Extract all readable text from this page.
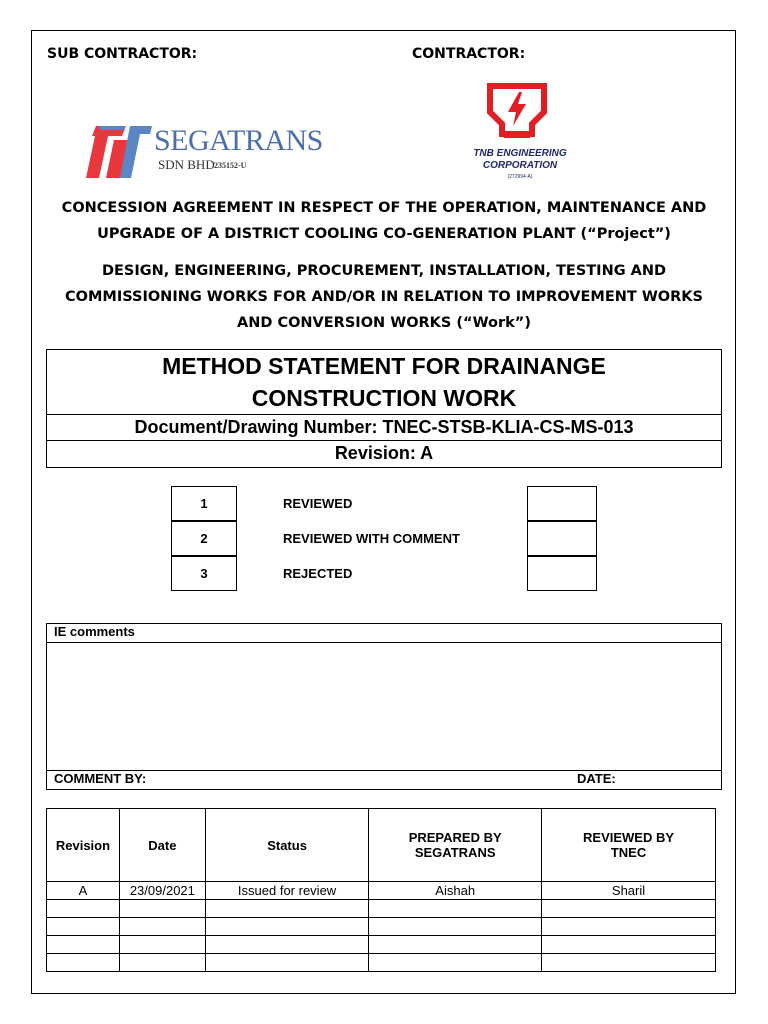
SUB CONTRACTOR:	CONTRACTOR:
SEGATRANS
SDN BHD 235152-U
TNB ENGINEERING
CORPORATION
(272994-A)
CONCESSION AGREEMENT IN RESPECT OF THE OPERATION, MAINTENANCE AND
UPGRADE OF A DISTRICT COOLING CO-GENERATION PLANT (“Project”)
DESIGN, ENGINEERING, PROCUREMENT, INSTALLATION, TESTING AND
COMMISSIONING WORKS FOR AND/OR IN RELATION TO IMPROVEMENT WORKS
AND CONVERSION WORKS (“Work”)
METHOD STATEMENT FOR DRAINANGE
CONSTRUCTION WORK
Document/Drawing Number: TNEC-STSB-KLIA-CS-MS-013
Revision: A
1	REVIEWED
2	REVIEWED WITH COMMENT
3	REJECTED
IE comments
COMMENT BY:	DATE:
Revision	Date	Status	PREPARED BY SEGATRANS	REVIEWED BY TNEC
A	23/09/2021	Issued for review	Aishah	Sharil
